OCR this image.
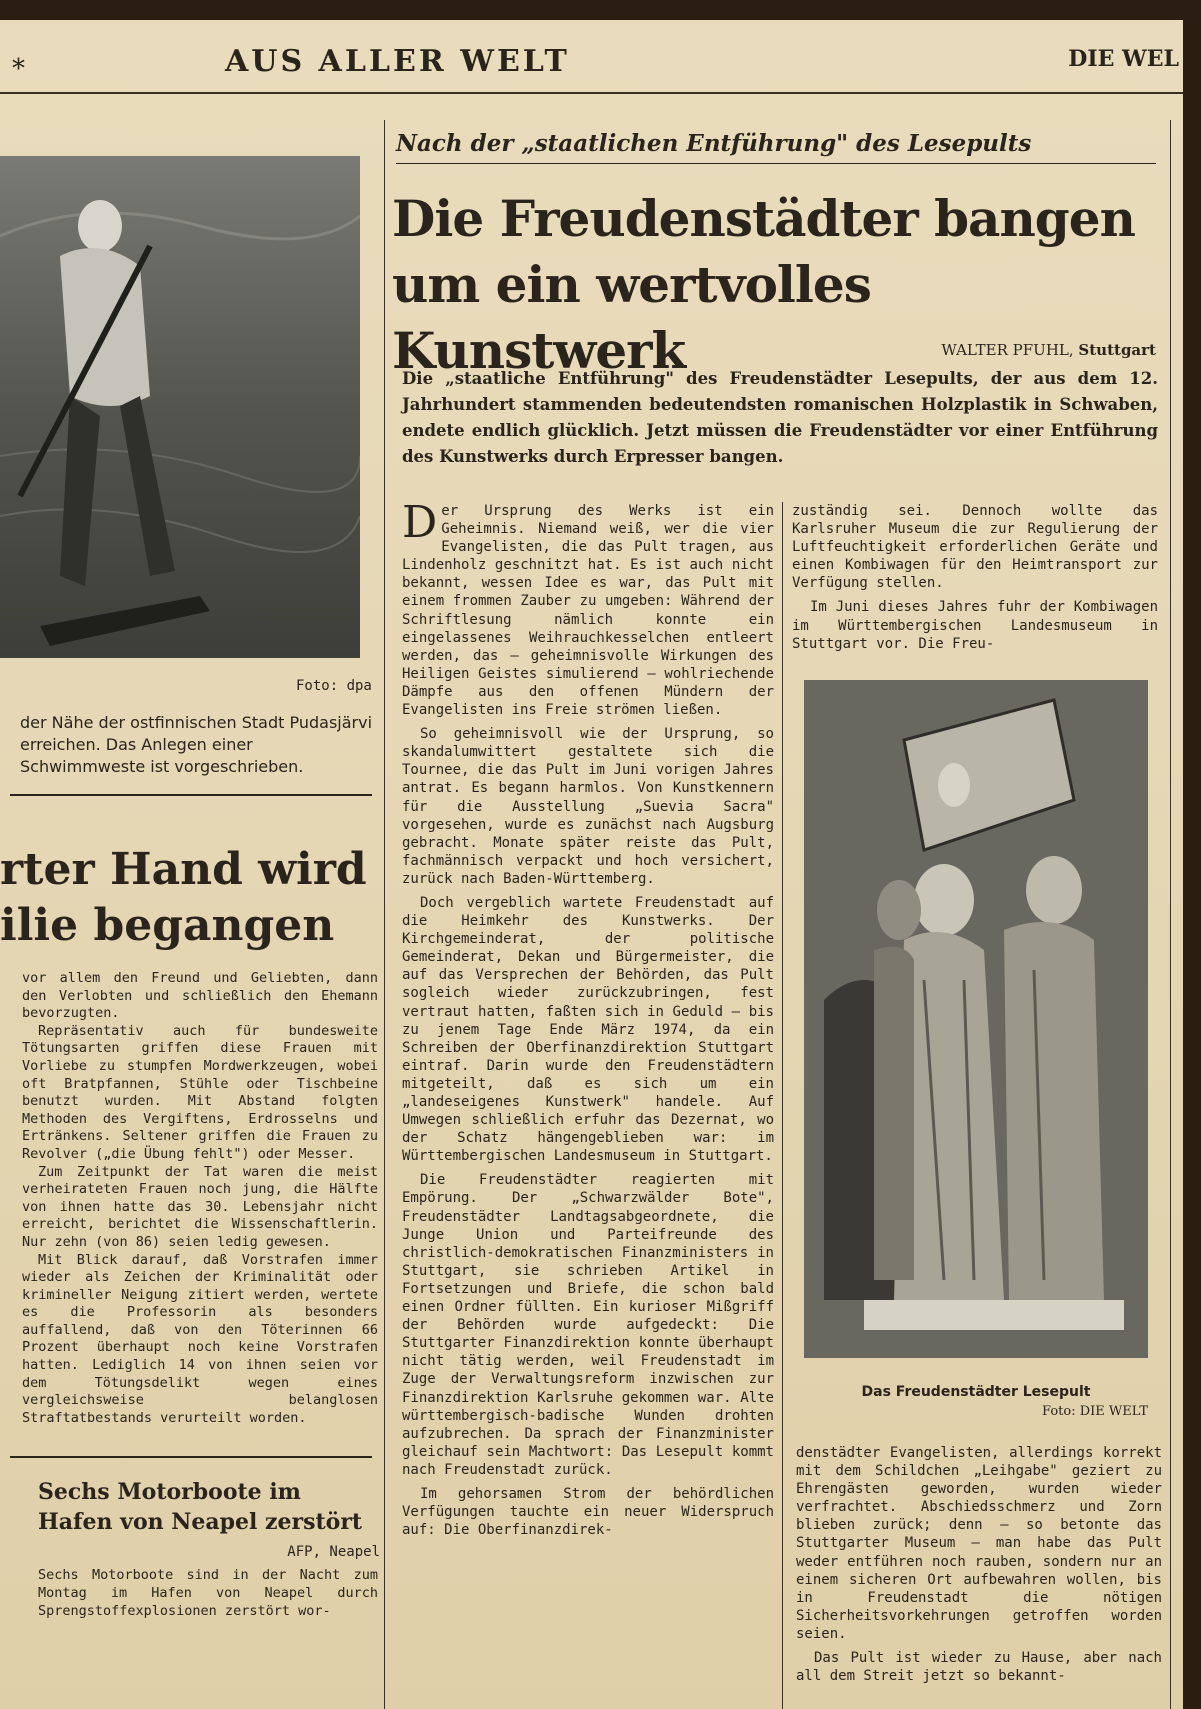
*	AUS ALLER WELT	DIE WEL
Foto: dpa
der Nähe der ostfinnischen Stadt Pudasjärvi erreichen. Das Anlegen einer Schwimmweste ist vorgeschrieben.
rter Hand wird
ilie begangen

vor allem den Freund und Geliebten, dann den Verlobten und schließlich den Ehemann bevorzugten.

Repräsentativ auch für bundesweite Tötungsarten griffen diese Frauen mit Vorliebe zu stumpfen Mordwerkzeugen, wobei oft Bratpfannen, Stühle oder Tischbeine benutzt wurden. Mit Abstand folgten Methoden des Vergiftens, Erdrosselns und Ertränkens. Seltener griffen die Frauen zu Revolver („die Übung fehlt") oder Messer.

Zum Zeitpunkt der Tat waren die meist verheirateten Frauen noch jung, die Hälfte von ihnen hatte das 30. Lebensjahr nicht erreicht, berichtet die Wissenschaftlerin. Nur zehn (von 86) seien ledig gewesen.

Mit Blick darauf, daß Vorstrafen immer wieder als Zeichen der Kriminalität oder krimineller Neigung zitiert werden, wertete es die Professorin als besonders auffallend, daß von den Töterinnen 66 Prozent überhaupt noch keine Vorstrafen hatten. Lediglich 14 von ihnen seien vor dem Tötungsdelikt wegen eines vergleichsweise belanglosen Straftatbestands verurteilt worden.

Sechs Motorboote im Hafen von Neapel zerstört
AFP, Neapel
Sechs Motorboote sind in der Nacht zum Montag im Hafen von Neapel durch Sprengstoffexplosionen zerstört wor-
Nach der „staatlichen Entführung" des Lesepults
Die Freudenstädter bangen
um ein wertvolles Kunstwerk	WALTER PFUHL, Stuttgart
Die „staatliche Entführung" des Freudenstädter Lesepults, der aus dem 12. Jahrhundert stammenden bedeutendsten romanischen Holzplastik in Schwaben, endete endlich glücklich. Jetzt müssen die Freudenstädter vor einer Entführung des Kunstwerks durch Erpresser bangen.

Der Ursprung des Werks ist ein Geheimnis. Niemand weiß, wer die vier Evangelisten, die das Pult tragen, aus Lindenholz geschnitzt hat. Es ist auch nicht bekannt, wessen Idee es war, das Pult mit einem frommen Zauber zu umgeben: Während der Schriftlesung nämlich konnte ein eingelassenes Weihrauchkesselchen entleert werden, das — geheimnisvolle Wirkungen des Heiligen Geistes simulierend — wohlriechende Dämpfe aus den offenen Mündern der Evangelisten ins Freie strömen ließen.

So geheimnisvoll wie der Ursprung, so skandalumwittert gestaltete sich die Tournee, die das Pult im Juni vorigen Jahres antrat. Es begann harmlos. Von Kunstkennern für die Ausstellung „Suevia Sacra" vorgesehen, wurde es zunächst nach Augsburg gebracht. Monate später reiste das Pult, fachmännisch verpackt und hoch versichert, zurück nach Baden-Württemberg.

Doch vergeblich wartete Freudenstadt auf die Heimkehr des Kunstwerks. Der Kirchgemeinderat, der politische Gemeinderat, Dekan und Bürgermeister, die auf das Versprechen der Behörden, das Pult sogleich wieder zurückzubringen, fest vertraut hatten, faßten sich in Geduld — bis zu jenem Tage Ende März 1974, da ein Schreiben der Oberfinanzdirektion Stuttgart eintraf. Darin wurde den Freudenstädtern mitgeteilt, daß es sich um ein „landeseigenes Kunstwerk" handele. Auf Umwegen schließlich erfuhr das Dezernat, wo der Schatz hängengeblieben war: im Württembergischen Landesmuseum in Stuttgart.

Die Freudenstädter reagierten mit Empörung. Der „Schwarzwälder Bote", Freudenstädter Landtagsabgeordnete, die Junge Union und Parteifreunde des christlich-demokratischen Finanzministers in Stuttgart, sie schrieben Artikel in Fortsetzungen und Briefe, die schon bald einen Ordner füllten. Ein kurioser Mißgriff der Behörden wurde aufgedeckt: Die Stuttgarter Finanzdirektion konnte überhaupt nicht tätig werden, weil Freudenstadt im Zuge der Verwaltungsreform inzwischen zur Finanzdirektion Karlsruhe gekommen war. Alte württembergisch-badische Wunden drohten aufzubrechen. Da sprach der Finanzminister gleichauf sein Machtwort: Das Lesepult kommt nach Freudenstadt zurück.

Im gehorsamen Strom der behördlichen Verfügungen tauchte ein neuer Widerspruch auf: Die Oberfinanzdirek-

zuständig sei. Dennoch wollte das Karlsruher Museum die zur Regulierung der Luftfeuchtigkeit erforderlichen Geräte und einen Kombiwagen für den Heimtransport zur Verfügung stellen.

Im Juni dieses Jahres fuhr der Kombiwagen im Württembergischen Landesmuseum in Stuttgart vor. Die Freu-

Das Freudenstädter Lesepult
Foto: DIE WELT

denstädter Evangelisten, allerdings korrekt mit dem Schildchen „Leihgabe" geziert zu Ehrengästen geworden, wurden wieder verfrachtet. Abschiedsschmerz und Zorn blieben zurück; denn — so betonte das Stuttgarter Museum — man habe das Pult weder entführen noch rauben, sondern nur an einem sicheren Ort aufbewahren wollen, bis in Freudenstadt die nötigen Sicherheitsvorkehrungen getroffen worden seien.

Das Pult ist wieder zu Hause, aber nach all dem Streit jetzt so bekannt-
